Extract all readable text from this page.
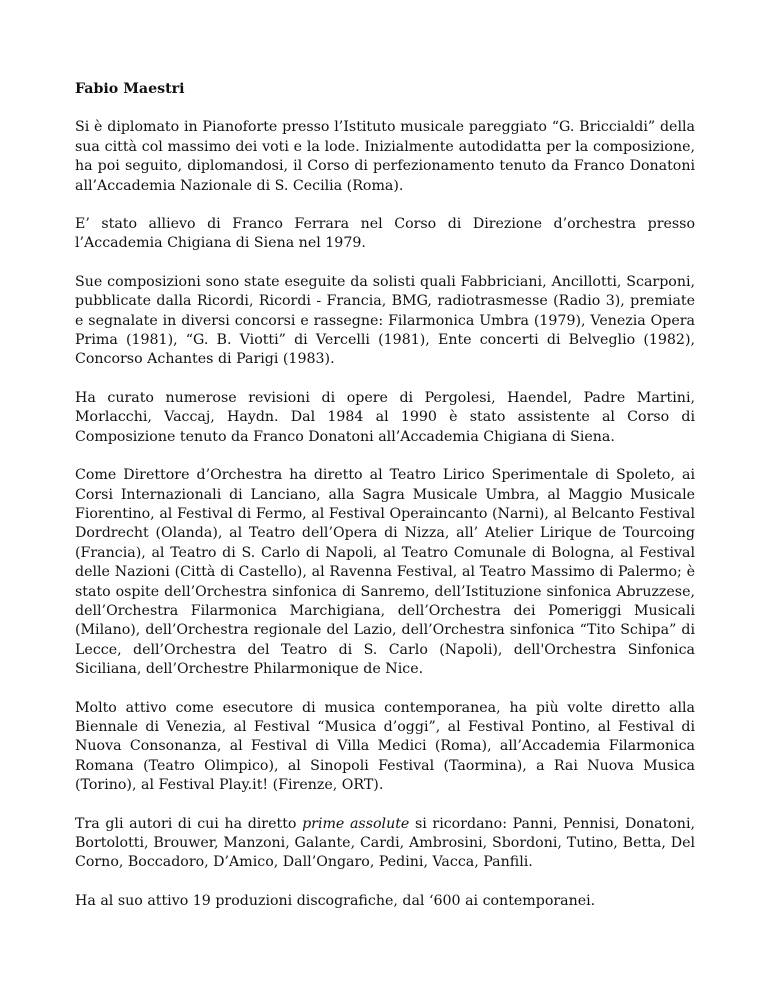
Fabio Maestri

Si è diplomato in Pianoforte presso l’Istituto musicale pareggiato “G. Briccialdi” della sua città col massimo dei voti e la lode. Inizialmente autodidatta per la composizione, ha poi seguito, diplomandosi, il Corso di perfezionamento tenuto da Franco Donatoni all’Accademia Nazionale di S. Cecilia (Roma).

E’ stato allievo di Franco Ferrara nel Corso di Direzione d’orchestra presso l’Accademia Chigiana di Siena nel 1979.

Sue composizioni sono state eseguite da solisti quali Fabbriciani, Ancillotti, Scarponi, pubblicate dalla Ricordi, Ricordi - Francia, BMG, radiotrasmesse (Radio 3), premiate e segnalate in diversi concorsi e rassegne: Filarmonica Umbra (1979), Venezia Opera Prima (1981), “G. B. Viotti” di Vercelli (1981), Ente concerti di Belveglio (1982), Concorso Achantes di Parigi (1983).

Ha curato numerose revisioni di opere di Pergolesi, Haendel, Padre Martini, Morlacchi, Vaccaj, Haydn. Dal 1984 al 1990 è stato assistente al Corso di Composizione tenuto da Franco Donatoni all’Accademia Chigiana di Siena.

Come Direttore d’Orchestra ha diretto al Teatro Lirico Sperimentale di Spoleto, ai Corsi Internazionali di Lanciano, alla Sagra Musicale Umbra, al Maggio Musicale Fiorentino, al Festival di Fermo, al Festival Operaincanto (Narni), al Belcanto Festival Dordrecht (Olanda), al Teatro dell’Opera di Nizza, all’ Atelier Lirique de Tourcoing (Francia), al Teatro di S. Carlo di Napoli, al Teatro Comunale di Bologna, al Festival delle Nazioni (Città di Castello), al Ravenna Festival, al Teatro Massimo di Palermo; è stato ospite dell’Orchestra sinfonica di Sanremo, dell’Istituzione sinfonica Abruzzese, dell’Orchestra Filarmonica Marchigiana, dell’Orchestra dei Pomeriggi Musicali (Milano), dell’Orchestra regionale del Lazio, dell’Orchestra sinfonica “Tito Schipa” di Lecce, dell’Orchestra del Teatro di S. Carlo (Napoli), dell'Orchestra Sinfonica Siciliana, dell’Orchestre Philarmonique de Nice.

Molto attivo come esecutore di musica contemporanea, ha più volte diretto alla Biennale di Venezia, al Festival “Musica d’oggi”, al Festival Pontino, al Festival di Nuova Consonanza, al Festival di Villa Medici (Roma), all’Accademia Filarmonica Romana (Teatro Olimpico), al Sinopoli Festival (Taormina), a Rai Nuova Musica (Torino), al Festival Play.it! (Firenze, ORT).

Tra gli autori di cui ha diretto prime assolute si ricordano: Panni, Pennisi, Donatoni, Bortolotti, Brouwer, Manzoni, Galante, Cardi, Ambrosini, Sbordoni, Tutino, Betta, Del Corno, Boccadoro, D’Amico, Dall’Ongaro, Pedini, Vacca, Panfili.

Ha al suo attivo 19 produzioni discografiche, dal ‘600 ai contemporanei.
